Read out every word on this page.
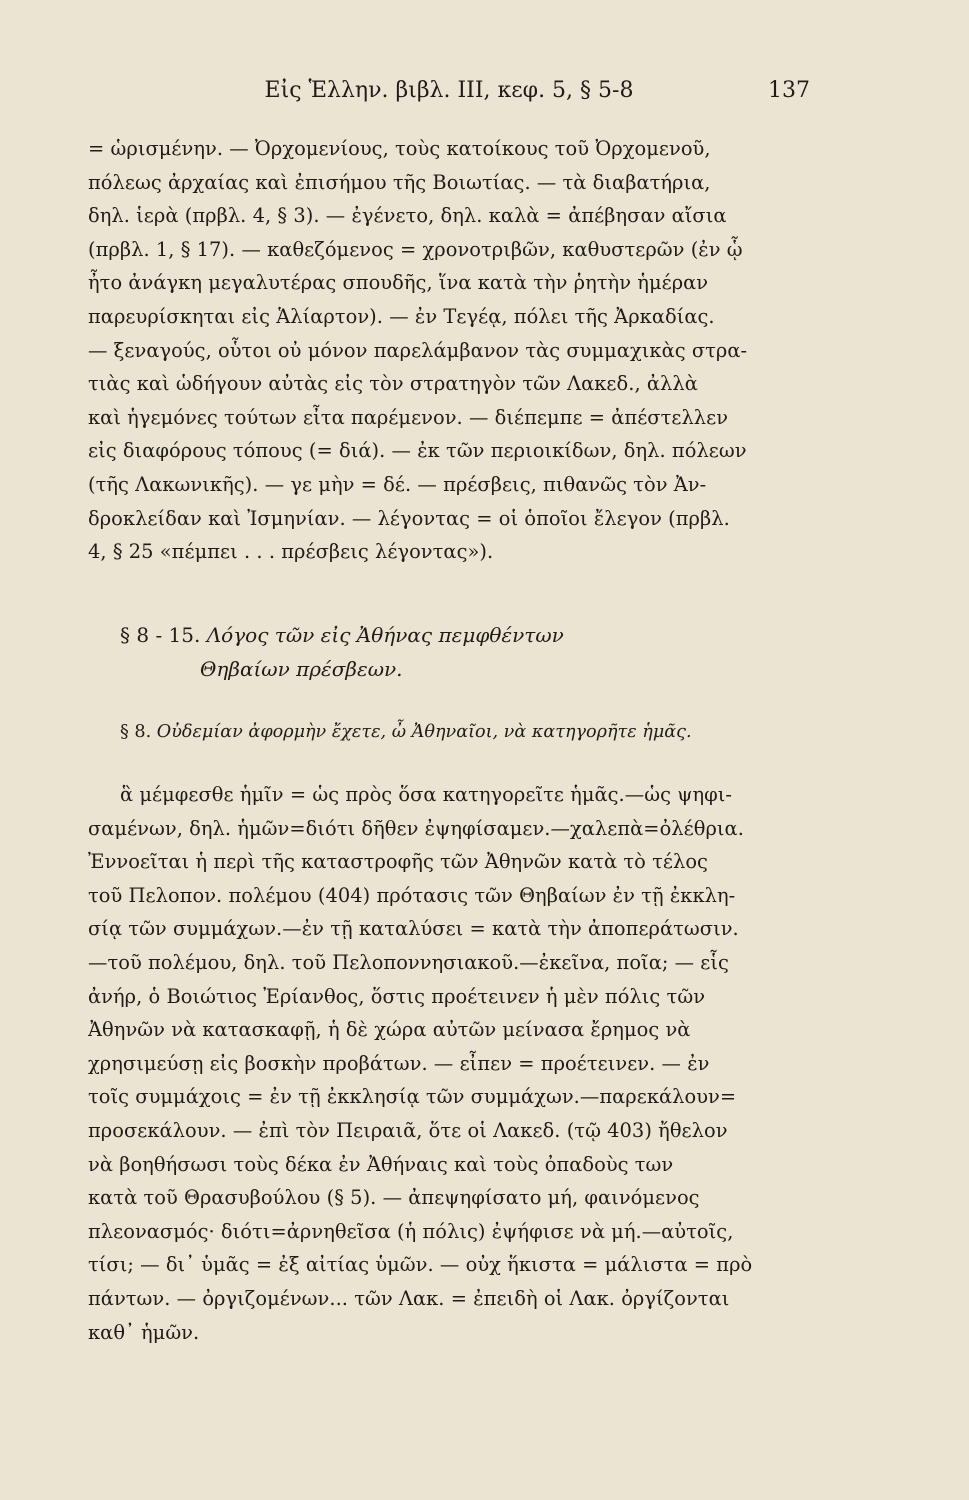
Εἰς Ἑλλην. βιβλ. ΙΙΙ, κεφ. 5, § 5-8	137
= ὡρισμένην. — Ὀρχομενίους, τοὺς κατοίκους τοῦ Ὀρχομενοῦ,
πόλεως ἀρχαίας καὶ ἐπισήμου τῆς Βοιωτίας. — τὰ διαβατήρια,
δηλ. ἱερὰ (πρβλ. 4, § 3). — ἐγένετο, δηλ. καλὰ = ἀπέβησαν αἴσια
(πρβλ. 1, § 17). — καθεζόμενος = χρονοτριβῶν, καθυστερῶν (ἐν ᾧ
ἦτο ἀνάγκη μεγαλυτέρας σπουδῆς, ἵνα κατὰ τὴν ῥητὴν ἡμέραν
παρευρίσκηται εἰς Ἁλίαρτον). — ἐν Τεγέᾳ, πόλει τῆς Ἀρκαδίας.
— ξεναγούς, οὗτοι οὐ μόνον παρελάμβανον τὰς συμμαχικὰς στρα-
τιὰς καὶ ὡδήγουν αὐτὰς εἰς τὸν στρατηγὸν τῶν Λακεδ., ἀλλὰ
καὶ ἡγεμόνες τούτων εἶτα παρέμενον. — διέπεμπε = ἀπέστελλεν
εἰς διαφόρους τόπους (= διά). — ἐκ τῶν περιοικίδων, δηλ. πόλεων
(τῆς Λακωνικῆς). — γε μὴν = δέ. — πρέσβεις, πιθανῶς τὸν Ἀν-
δροκλείδαν καὶ Ἰσμηνίαν. — λέγοντας = οἱ ὁποῖοι ἔλεγον (πρβλ.
4, § 25 «πέμπει . . . πρέσβεις λέγοντας»).
§ 8 - 15. Λόγος τῶν εἰς Ἀθήνας πεμφθέντων
Θηβαίων πρέσβεων.
§ 8. Οὐδεμίαν ἀφορμὴν ἔχετε, ὦ Ἀθηναῖοι, νὰ κατηγορῆτε ἡμᾶς.
ἃ μέμφεσθε ἡμῖν = ὡς πρὸς ὅσα κατηγορεῖτε ἡμᾶς.—ὡς ψηφι-
σαμένων, δηλ. ἡμῶν=διότι δῆθεν ἐψηφίσαμεν.—χαλεπὰ=ὀλέθρια.
Ἐννοεῖται ἡ περὶ τῆς καταστροφῆς τῶν Ἀθηνῶν κατὰ τὸ τέλος
τοῦ Πελοπον. πολέμου (404) πρότασις τῶν Θηβαίων ἐν τῇ ἐκκλη-
σίᾳ τῶν συμμάχων.—ἐν τῇ καταλύσει = κατὰ τὴν ἀποπεράτωσιν.
—τοῦ πολέμου, δηλ. τοῦ Πελοποννησιακοῦ.—ἐκεῖνα, ποῖα; — εἷς
ἀνήρ, ὁ Βοιώτιος Ἐρίανθος, ὅστις προέτεινεν ἡ μὲν πόλις τῶν
Ἀθηνῶν νὰ κατασκαφῇ, ἡ δὲ χώρα αὐτῶν μείνασα ἔρημος νὰ
χρησιμεύσῃ εἰς βοσκὴν προβάτων. — εἶπεν = προέτεινεν. — ἐν
τοῖς συμμάχοις = ἐν τῇ ἐκκλησίᾳ τῶν συμμάχων.—παρεκάλουν=
προσεκάλουν. — ἐπὶ τὸν Πειραιᾶ, ὅτε οἱ Λακεδ. (τῷ 403) ἤθελον
νὰ βοηθήσωσι τοὺς δέκα ἐν Ἀθήναις καὶ τοὺς ὀπαδοὺς των
κατὰ τοῦ Θρασυβούλου (§ 5). — ἀπεψηφίσατο μή, φαινόμενος
πλεονασμός· διότι=ἀρνηθεῖσα (ἡ πόλις) ἐψήφισε νὰ μή.—αὐτοῖς,
τίσι; — δι᾽ ὑμᾶς = ἐξ αἰτίας ὑμῶν. — οὐχ ἥκιστα = μάλιστα = πρὸ
πάντων. — ὀργιζομένων... τῶν Λακ. = ἐπειδὴ οἱ Λακ. ὀργίζονται
καθ᾽ ἡμῶν.
